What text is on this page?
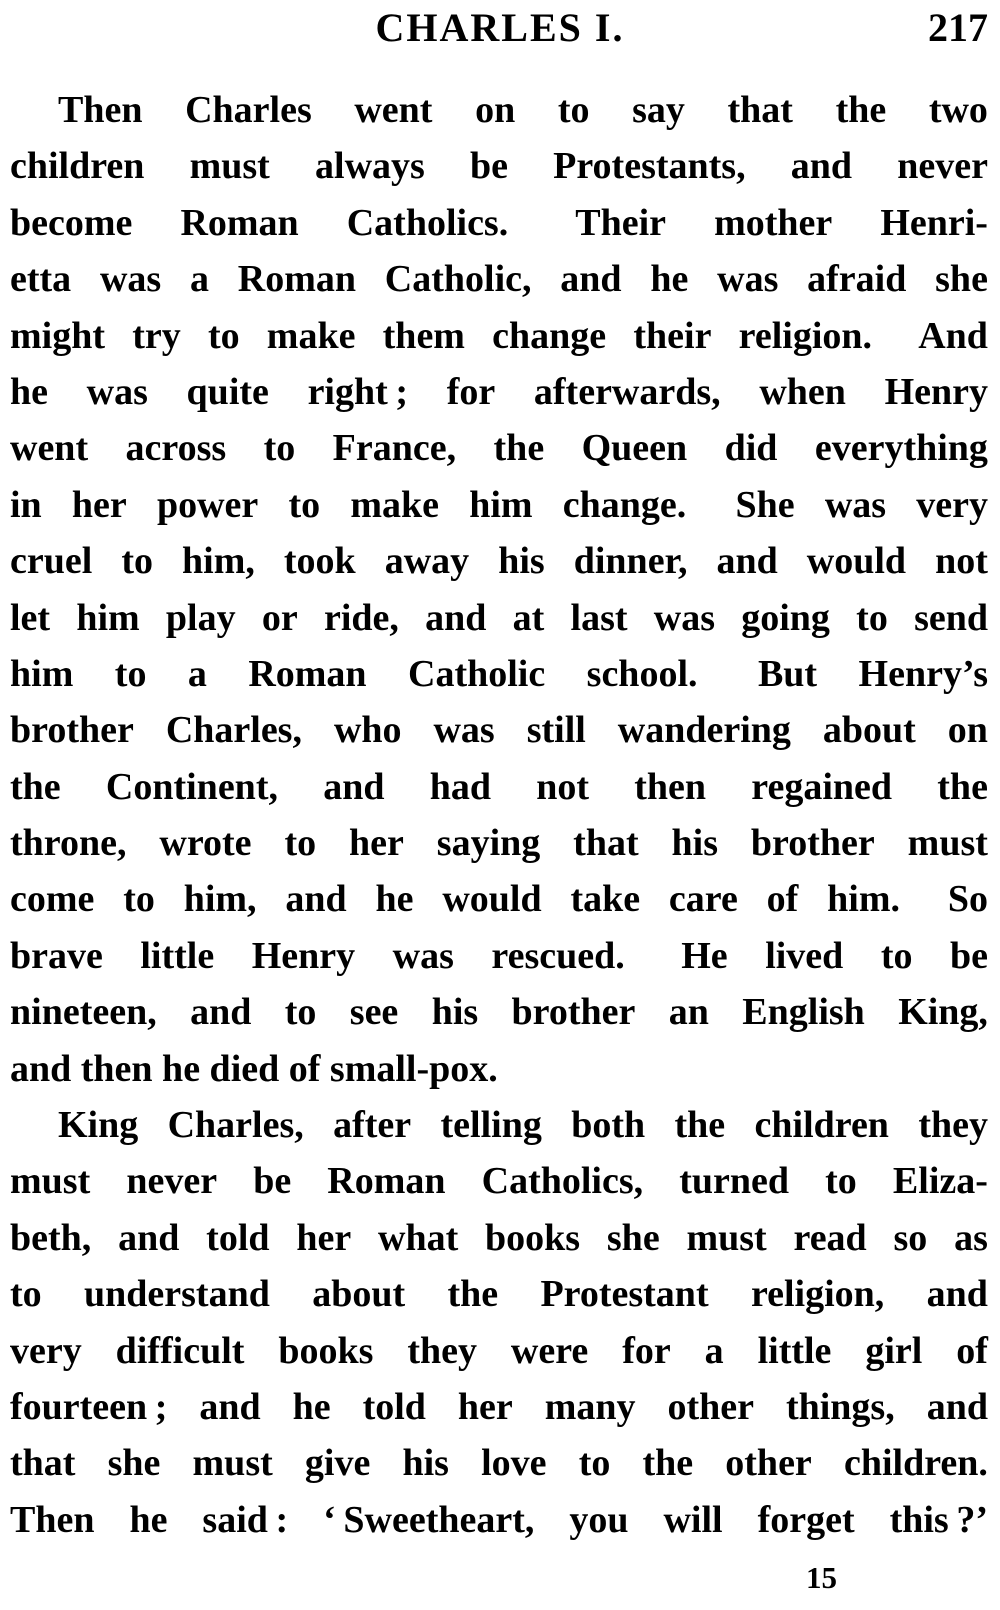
CHARLES I.	217
Then Charles went on to say that the two
children must always be Protestants, and never
become Roman Catholics.  Their mother Henri-
etta was a Roman Catholic, and he was afraid she
might try to make them change their religion.  And
he was quite right ; for afterwards, when Henry
went across to France, the Queen did everything
in her power to make him change.  She was very
cruel to him, took away his dinner, and would not
let him play or ride, and at last was going to send
him to a Roman Catholic school.  But Henry’s
brother Charles, who was still wandering about on
the Continent, and had not then regained the
throne, wrote to her saying that his brother must
come to him, and he would take care of him.  So
brave little Henry was rescued.  He lived to be
nineteen, and to see his brother an English King,
and then he died of small-pox.
King Charles, after telling both the children they
must never be Roman Catholics, turned to Eliza-
beth, and told her what books she must read so as
to understand about the Protestant religion, and
very difficult books they were for a little girl of
fourteen ; and he told her many other things, and
that she must give his love to the other children.
Then he said : ‘ Sweetheart, you will forget this ?’
15
